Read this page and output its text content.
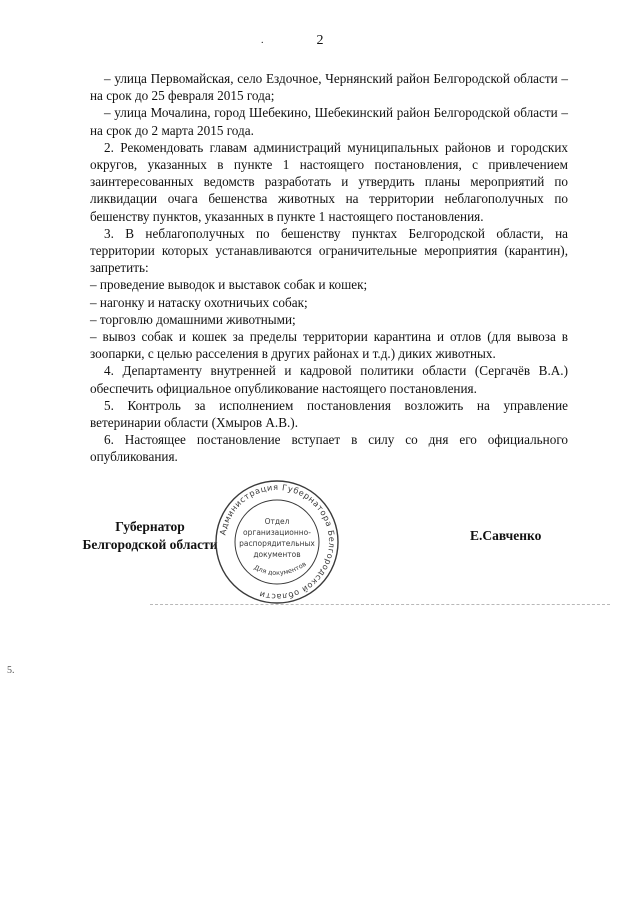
2
.

– улица Первомайская, село Ездочное, Чернянский район Белгородской области – на срок до 25 февраля 2015 года;

– улица Мочалина, город Шебекино, Шебекинский район Белгородской области – на срок до 2 марта 2015 года.

2. Рекомендовать главам администраций муниципальных районов и городских округов, указанных в пункте 1 настоящего постановления, с привлечением заинтересованных ведомств разработать и утвердить планы мероприятий по ликвидации очага бешенства животных на территории неблагополучных по бешенству пунктов, указанных в пункте 1 настоящего постановления.

3. В неблагополучных по бешенству пунктах Белгородской области, на территории которых устанавливаются ограничительные мероприятия (карантин), запретить:

– проведение выводок и выставок собак и кошек;

– нагонку и натаску охотничьих собак;

– торговлю домашними животными;

– вывоз собак и кошек за пределы территории карантина и отлов (для вывоза в зоопарки, с целью расселения в других районах и т.д.) диких животных.

4. Департаменту внутренней и кадровой политики области (Сергачёв В.А.) обеспечить официальное опубликование настоящего постановления.

5. Контроль за исполнением постановления возложить на управление ветеринарии области (Хмыров А.В.).

6. Настоящее постановление вступает в силу со дня его официального опубликования.

Губернатор
Белгородской области
Администрация Губернатора Белгородской области
Отдел
организационно-
распорядительных
документов
Для документов
Е.Савченко
5.
